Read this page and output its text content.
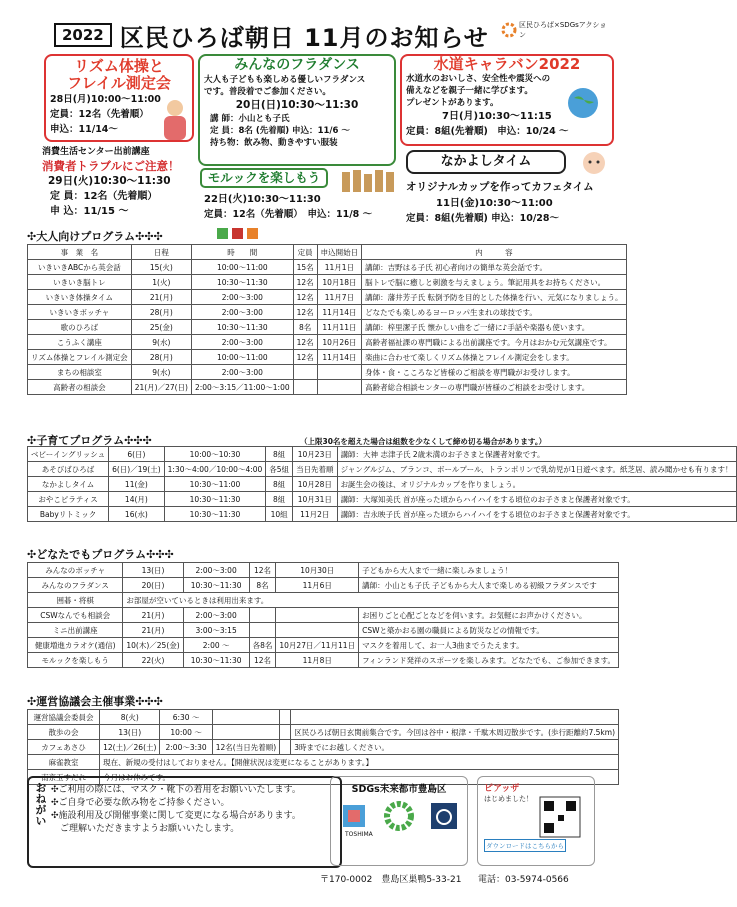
2022 区民ひろば朝日 11月のお知らせ	区民ひろば×SDGsアクション
リズム体操と
フレイル測定会
28日(月)10:00～11:00
定員：12名（先着順）
申込：11/14～
みんなのフラダンス
大人も子どもも楽しめる優しいフラダンス
です。普段着でご参加ください。
20日(日)10:30～11:30
講 師：小山とも子氏
定 員：8名 (先着順) 申込：11/6 ～
持ち物：飲み物、動きやすい服装
水道キャラバン2022
水道水のおいしさ、安全性や震災への
備えなどを親子一緒に学びます。
プレゼントがあります。
7日(月)10:30～11:15
定員：8組(先着順)　申込：10/24 ～
消費生活センター出前講座
消費者トラブルにご注意！
29日(火)10:30～11:30
定 員：12名（先着順）
申 込：11/15 ～
モルックを楽しもう
22日(火)10:30～11:30
定員：12名（先着順）　申込：11/8 ～
なかよしタイム
オリジナルカップを作ってカフェタイム
11日(金)10:30～11:00
定員：8組(先着順) 申込：10/28～
✣大人向けプログラム✣✣✣
事　業　名	日程	時　　間	定員	申込開始日	内　　　容
いきいきABCから英会話	15(火)	10:00～11:00	15名	11月1日	講師：吉野はる子氏 初心者向けの簡単な英会話です。
いきいき脳トレ	1(火)	10:30～11:30	12名	10月18日	脳トレで脳に癒しと刺激を与えましょう。筆記用具をお持ちください。
いきいき体操タイム	21(月)	2:00～3:00	12名	11月7日	講師：藩井芳子氏 転倒予防を目的とした体操を行い、元気になりましょう。
いきいきボッチャ	28(月)	2:00～3:00	12名	11月14日	どなたでも楽しめるヨーロッパ生まれの球技です。
歌のひろば	25(金)	10:30～11:30	8名	11月11日	講師：梓里潔子氏 懐かしい曲をご一緒に♪手話や楽器も使います。
こうふく講座	9(水)	2:00～3:00	12名	10月26日	高齢者福祉課の専門職による出前講座です。今月はおかむ元気講座です。
リズム体操とフレイル測定会	28(月)	10:00～11:00	12名	11月14日	楽曲に合わせて楽しくリズム体操とフレイル測定会をします。
まちの相談室	9(水)	2:00～3:00			身体・食・こころなど皆様のご相談を専門職がお受けします。
高齢者の相談会	21(月)／27(日)	2:00～3:15／11:00～1:00			高齢者総合相談センターの専門職が皆様のご相談をお受けします。
✣子育てプログラム✣✣✣	（上限30名を超えた場合は組数を少なくして締め切る場合があります。）
ベビーイングリッシュ	6(日)	10:00～10:30	8組	10月23日	講師：大神 志津子氏 2歳未満のお子さまと保護者対象です。
あそびばひろば	6(日)／19(土)	1:30～4:00／10:00～4:00	各5組	当日先着順	ジャングルジム、ブランコ、ボールプール、トランポリンで乳幼児が1日遊べます。紙芝居、読み聞かせも有ります！
なかよしタイム	11(金)	10:30～11:00	8組	10月28日	お誕生会の後は、オリジナルカップを作りましょう。
おやこピラティス	14(月)	10:30～11:30	8組	10月31日	講師：大塚知美氏 首が座った頃からハイハイをする頃位のお子さまと保護者対象です。
Babyリトミック	16(水)	10:30～11:30	10組	11月2日	講師：吉永映子氏 首が座った頃からハイハイをする頃位のお子さまと保護者対象です。
✣どなたでもプログラム✣✣✣
みんなのボッチャ	13(日)	2:00～3:00	12名	10月30日	子どもから大人まで一緒に楽しみましょう！
みんなのフラダンス	20(日)	10:30～11:30	8名	11月6日	講師：小山とも子氏 子どもから大人まで楽しめる初級フラダンスです
囲碁・将棋	お部屋が空いているときは利用出来ます。				
CSWなんでも相談会	21(月)	2:00～3:00			お困りごと心配ごとなどを伺います。お気軽にお声かけください。
ミニ出前講座	21(月)	3:00～3:15			CSWと築かおる園の職員による防災などの情報です。
健康増進カラオケ(通信)	10(木)／25(金)	2:00 ～	各8名	10月27日／11月11日	マスクを着用して、お一人3曲までうたえます。
モルックを楽しもう	22(火)	10:30～11:30	12名	11月8日	フィンランド発祥のスポーツを楽しみます。どなたでも、ご参加できます。
✣運営協議会主催事業✣✣✣
運営協議会委員会	8(火)	6:30 ～			
散歩の会	13(日)	10:00 ～			区民ひろば朝日玄関前集合です。今回は谷中・根津・千駄木周辺散歩です。(歩行距離約7.5km)
カフェあさひ	12(土)／26(土)	2:00～3:30	12名(当日先着順)		3時までにお越しください。
麻雀教室	現在、新規の受付はしておりません。【開催状況は変更になることがあります。】				
南京玉すだれ	今月はお休みです。				
おねがい ✣ご利用の際には、マスク・靴下の着用をお願いいたします。
✣ご自身で必要な飲み物をご持参ください。
✣施設利用及び開催事業に関して変更になる場合があります。
　ご理解いただきますようお願いいたします。
SDGs未来都市豊島区
TOSHIMA
ピアッザ
はじめました！
ダウンロードはこちらから
〒170-0002　豊島区巣鴨5-33-21 電話：03-5974-0566
